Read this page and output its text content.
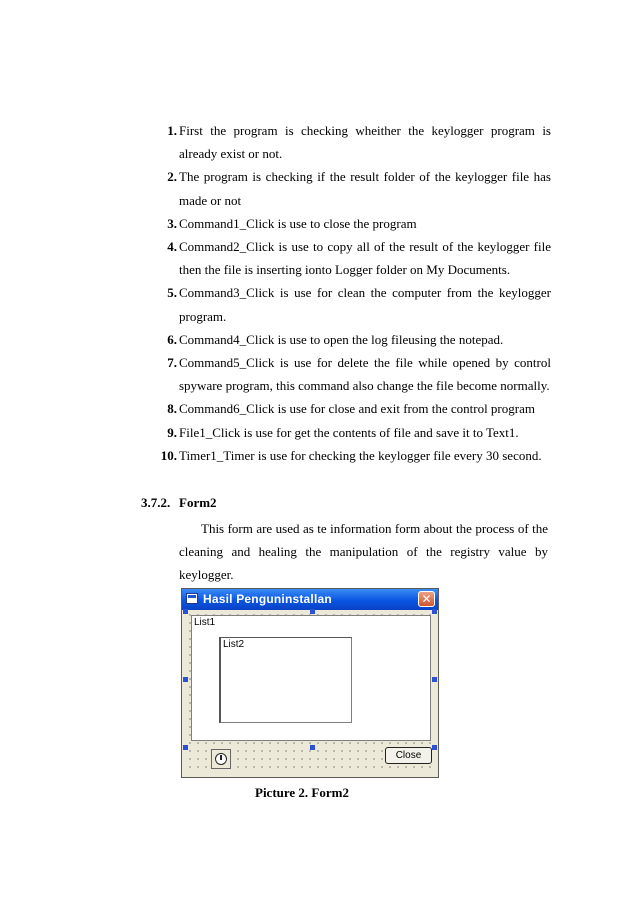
1. First the program is checking wheither the keylogger program is already exist or not.
2. The program is checking if the result folder of the keylogger file has made or not
3. Command1_Click is use to close the program
4. Command2_Click is use to copy all of the result of the keylogger file then the file is inserting ionto Logger folder on My Documents.
5. Command3_Click is use for clean the computer from the keylogger program.
6. Command4_Click is use to open the log fileusing the notepad.
7. Command5_Click is use for delete the file while opened by control spyware program, this command also change the file become normally.
8. Command6_Click is use for close and exit from the control program
9. File1_Click is use for get the contents of file and save it to Text1.
10. Timer1_Timer is use for checking the keylogger file every 30 second.
3.7.2. Form2

This form are used as te information form about the process of the cleaning and healing the manipulation of the registry value by keylogger.

Hasil Penguninstallan	✕
List1
List2
Close
Picture 2. Form2
